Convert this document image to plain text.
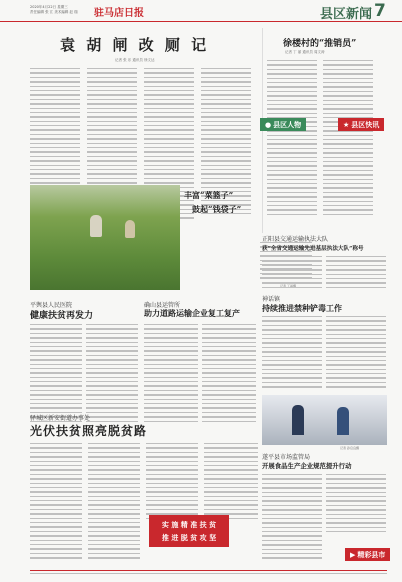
2020年4月22日 星期三
责任编辑 张 江 美术编辑 赵 瑞 驻马店日报	县区新闻 7
袁 胡 闸 改 厕 记
记者 张 乐 通讯员 徐文达
徐楼村的“推销员”
记者 丁 丽 通讯员 周文涛
★ 县区快讯
● 县区人物
丰富“菜篮子”
鼓起“钱袋子”
正阳县交通运输执法大队
获“全省交通运输先进基层执法大队”称号
神话镇
持续推进禁种铲毒工作
平舆县人民医院
健康扶贫再发力
确山县运管所
助力道路运输企业复工复产
记者 孙启良摄
驿城区新安街道办事处
光伏扶贫照亮脱贫路
实 施 精 准 扶 贫
推 进 脱 贫 攻 坚
遂平县市场监管局
开展食品生产企业规范提升行动
▶ 精彩县市
